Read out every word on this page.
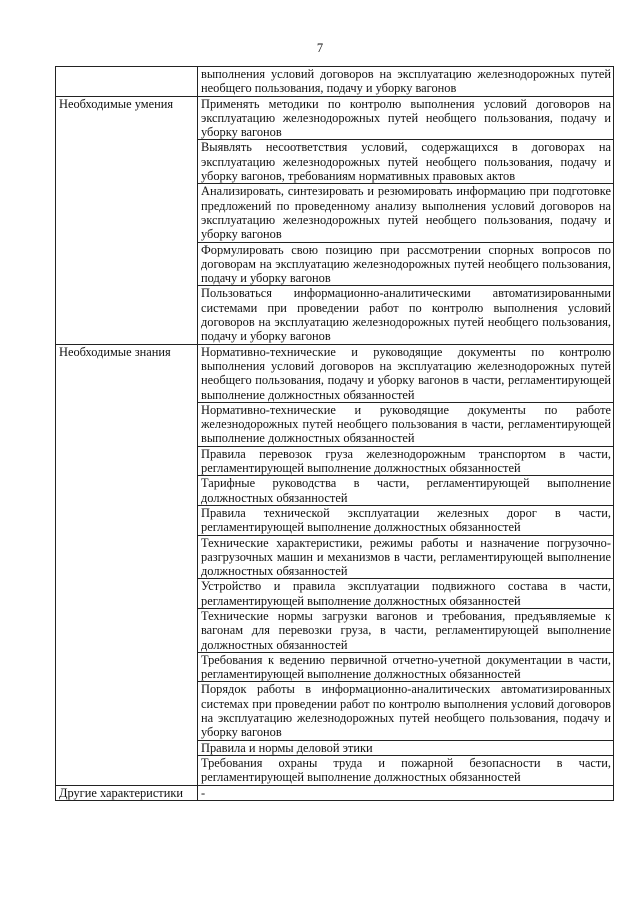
7
	выполнения условий договоров на эксплуатацию железнодорожных путей необщего пользования, подачу и уборку вагонов
Необходимые умения	Применять методики по контролю выполнения условий договоров на эксплуатацию железнодорожных путей необщего пользования, подачу и уборку вагонов
	Выявлять несоответствия условий, содержащихся в договорах на эксплуатацию железнодорожных путей необщего пользования, подачу и уборку вагонов, требованиям нормативных правовых актов
	Анализировать, синтезировать и резюмировать информацию при подготовке предложений по проведенному анализу выполнения условий договоров на эксплуатацию железнодорожных путей необщего пользования, подачу и уборку вагонов
	Формулировать свою позицию при рассмотрении спорных вопросов по договорам на эксплуатацию железнодорожных путей необщего пользования, подачу и уборку вагонов
	Пользоваться информационно-аналитическими автоматизированными системами при проведении работ по контролю выполнения условий договоров на эксплуатацию железнодорожных путей необщего пользования, подачу и уборку вагонов
Необходимые знания	Нормативно-технические и руководящие документы по контролю выполнения условий договоров на эксплуатацию железнодорожных путей необщего пользования, подачу и уборку вагонов в части, регламентирующей выполнение должностных обязанностей
	Нормативно-технические и руководящие документы по работе железнодорожных путей необщего пользования в части, регламентирующей выполнение должностных обязанностей
	Правила перевозок груза железнодорожным транспортом в части, регламентирующей выполнение должностных обязанностей
	Тарифные руководства в части, регламентирующей выполнение должностных обязанностей
	Правила технической эксплуатации железных дорог в части, регламентирующей выполнение должностных обязанностей
	Технические характеристики, режимы работы и назначение погрузочно-разгрузочных машин и механизмов в части, регламентирующей выполнение должностных обязанностей
	Устройство и правила эксплуатации подвижного состава в части, регламентирующей выполнение должностных обязанностей
	Технические нормы загрузки вагонов и требования, предъявляемые к вагонам для перевозки груза, в части, регламентирующей выполнение должностных обязанностей
	Требования к ведению первичной отчетно-учетной документации в части, регламентирующей выполнение должностных обязанностей
	Порядок работы в информационно-аналитических автоматизированных системах при проведении работ по контролю выполнения условий договоров на эксплуатацию железнодорожных путей необщего пользования, подачу и уборку вагонов
	Правила и нормы деловой этики
	Требования охраны труда и пожарной безопасности в части, регламентирующей выполнение должностных обязанностей
Другие характеристики	-
